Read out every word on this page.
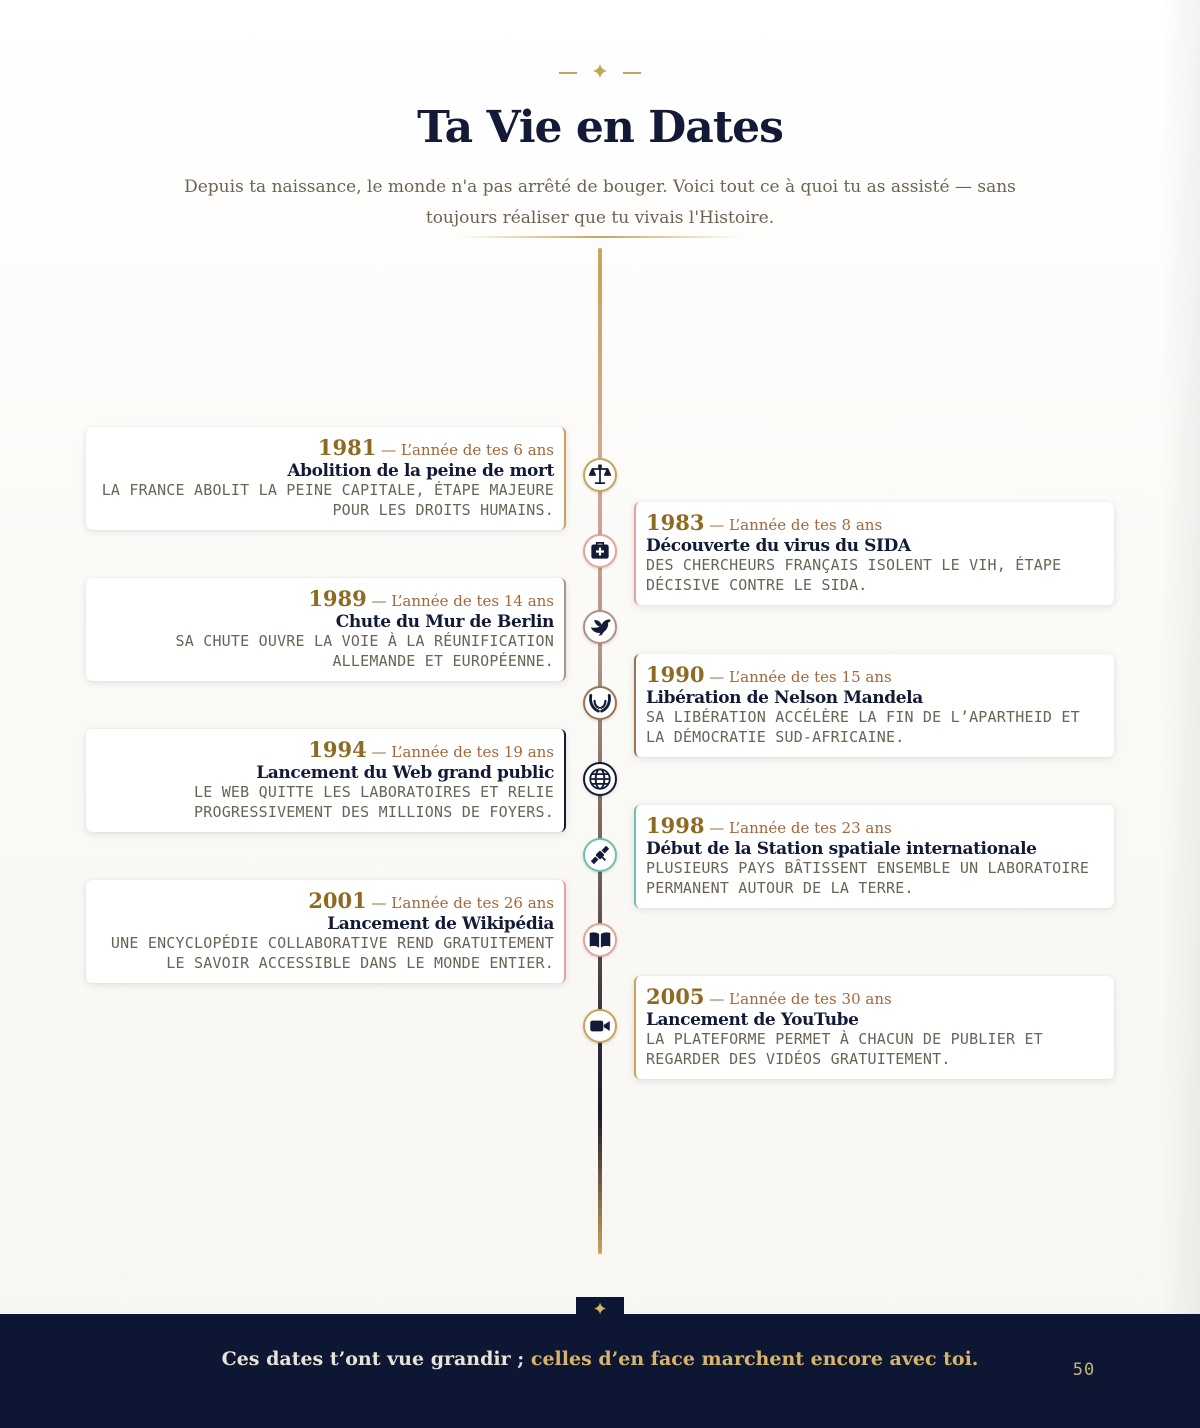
✦
Ta Vie en Dates

Depuis ta naissance, le monde n'a pas arrêté de bouger. Voici tout ce à quoi tu as assisté — sans toujours réaliser que tu vivais l'Histoire.

1981 — L’année de tes 6 ans
Abolition de la peine de mort
LA FRANCE ABOLIT LA PEINE CAPITALE, ÉTAPE MAJEURE POUR LES DROITS HUMAINS.
1983 — L’année de tes 8 ans
Découverte du virus du SIDA
DES CHERCHEURS FRANÇAIS ISOLENT LE VIH, ÉTAPE DÉCISIVE CONTRE LE SIDA.
1989 — L’année de tes 14 ans
Chute du Mur de Berlin
SA CHUTE OUVRE LA VOIE À LA RÉUNIFICATION ALLEMANDE ET EUROPÉENNE.
1990 — L’année de tes 15 ans
Libération de Nelson Mandela
SA LIBÉRATION ACCÉLÈRE LA FIN DE L’APARTHEID ET LA DÉMOCRATIE SUD-AFRICAINE.
1994 — L’année de tes 19 ans
Lancement du Web grand public
LE WEB QUITTE LES LABORATOIRES ET RELIE PROGRESSIVEMENT DES MILLIONS DE FOYERS.
1998 — L’année de tes 23 ans
Début de la Station spatiale internationale
PLUSIEURS PAYS BÂTISSENT ENSEMBLE UN LABORATOIRE PERMANENT AUTOUR DE LA TERRE.
2001 — L’année de tes 26 ans
Lancement de Wikipédia
UNE ENCYCLOPÉDIE COLLABORATIVE REND GRATUITEMENT LE SAVOIR ACCESSIBLE DANS LE MONDE ENTIER.
2005 — L’année de tes 30 ans
Lancement de YouTube
LA PLATEFORME PERMET À CHACUN DE PUBLIER ET REGARDER DES VIDÉOS GRATUITEMENT.
✦
Ces dates t’ont vue grandir ; celles d’en face marchent encore avec toi.	50
